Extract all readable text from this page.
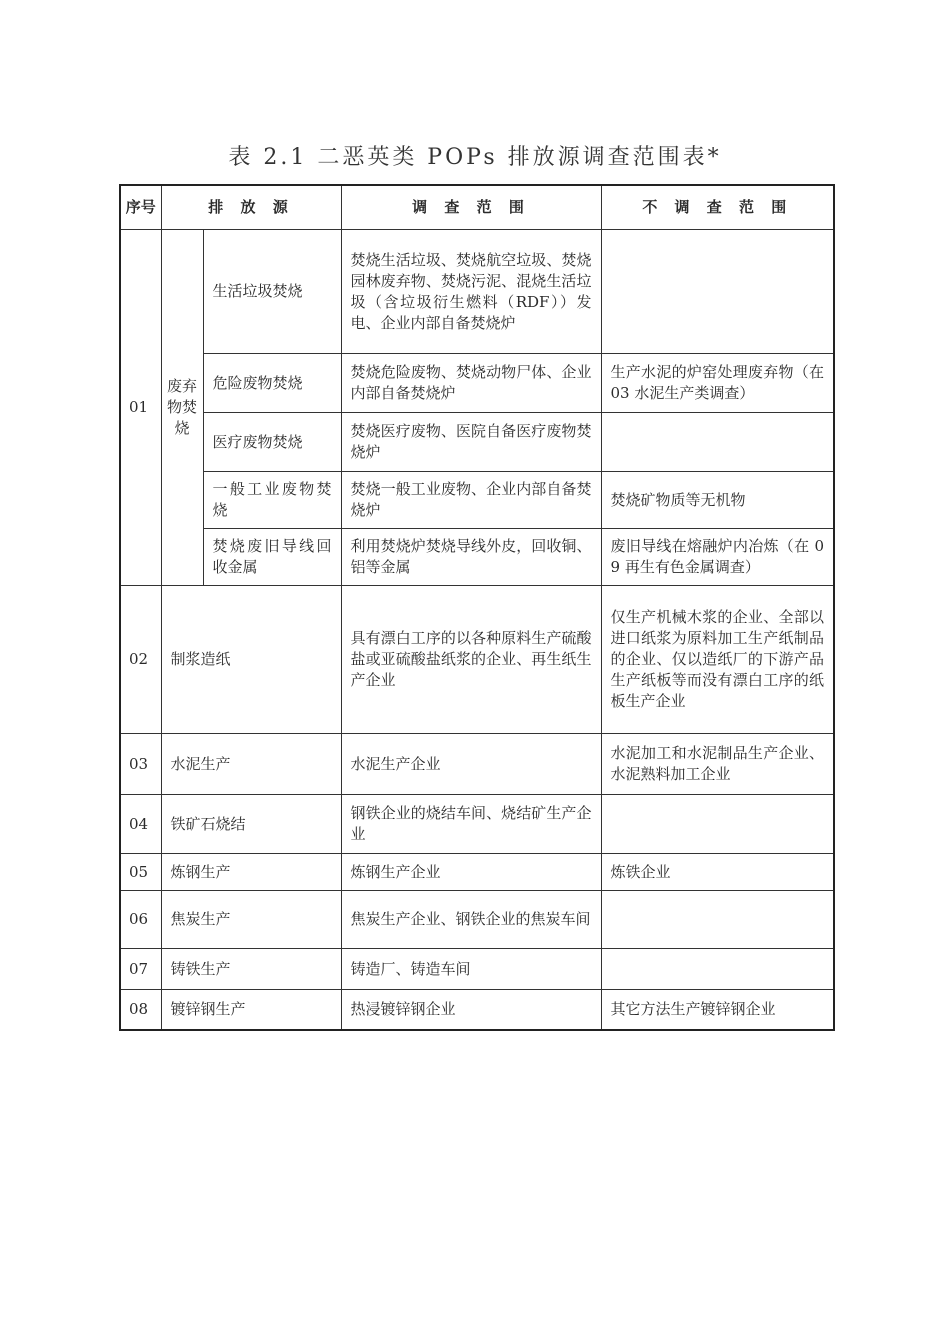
表 2.1 二恶英类 POPs 排放源调查范围表*
序号	排 放 源		调 查 范 围	不 调 查 范 围
01	废弃物焚烧	生活垃圾焚烧	焚烧生活垃圾、焚烧航空垃圾、焚烧园林废弃物、焚烧污泥、混烧生活垃圾（含垃圾衍生燃料（RDF））发电、企业内部自备焚烧炉	
		危险废物焚烧	焚烧危险废物、焚烧动物尸体、企业内部自备焚烧炉	生产水泥的炉窑处理废弃物（在 03 水泥生产类调查）
		医疗废物焚烧	焚烧医疗废物、医院自备医疗废物焚烧炉	
		一般工业废物焚烧	焚烧一般工业废物、企业内部自备焚烧炉	焚烧矿物质等无机物
		焚烧废旧导线回收金属	利用焚烧炉焚烧导线外皮，回收铜、铝等金属	废旧导线在熔融炉内冶炼（在 09 再生有色金属调查）
02	制浆造纸		具有漂白工序的以各种原料生产硫酸盐或亚硫酸盐纸浆的企业、再生纸生产企业	仅生产机械木浆的企业、全部以进口纸浆为原料加工生产纸制品的企业、仅以造纸厂的下游产品生产纸板等而没有漂白工序的纸板生产企业
03	水泥生产		水泥生产企业	水泥加工和水泥制品生产企业、水泥熟料加工企业
04	铁矿石烧结		钢铁企业的烧结车间、烧结矿生产企业	
05	炼钢生产		炼钢生产企业	炼铁企业
06	焦炭生产		焦炭生产企业、钢铁企业的焦炭车间	
07	铸铁生产		铸造厂、铸造车间	
08	镀锌钢生产		热浸镀锌钢企业	其它方法生产镀锌钢企业
